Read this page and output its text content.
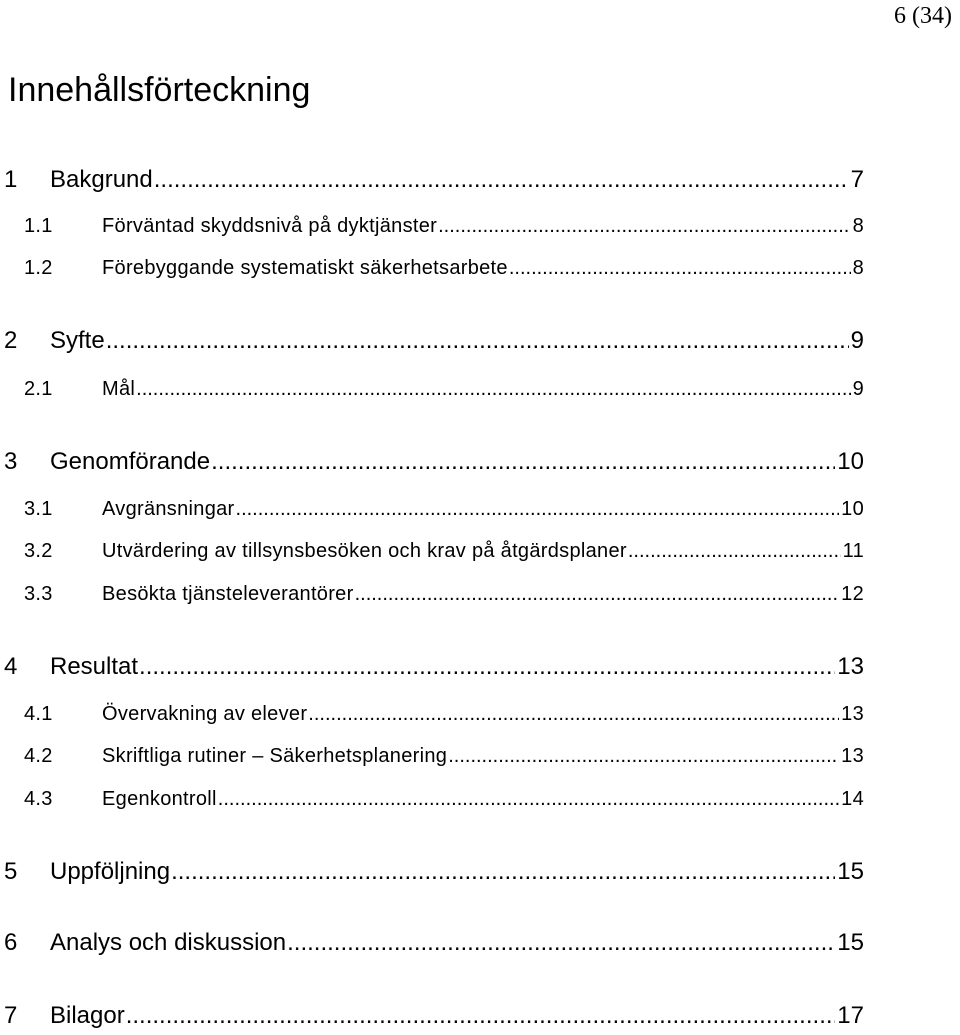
6 (34)
Innehållsförteckning
1	Bakgrund .....	7
1.1	Förväntad skyddsnivå på dyktjänster .....	8
1.2	Förebyggande systematiskt säkerhetsarbete .....	8
2	Syfte .....	9
2.1	Mål .....	9
3	Genomförande .....	10
3.1	Avgränsningar .....	10
3.2	Utvärdering av tillsynsbesöken och krav på åtgärdsplaner .....	11
3.3	Besökta tjänsteleverantörer .....	12
4	Resultat .....	13
4.1	Övervakning av elever .....	13
4.2	Skriftliga rutiner – Säkerhetsplanering .....	13
4.3	Egenkontroll .....	14
5	Uppföljning .....	15
6	Analys och diskussion .....	15
7	Bilagor .....	17
